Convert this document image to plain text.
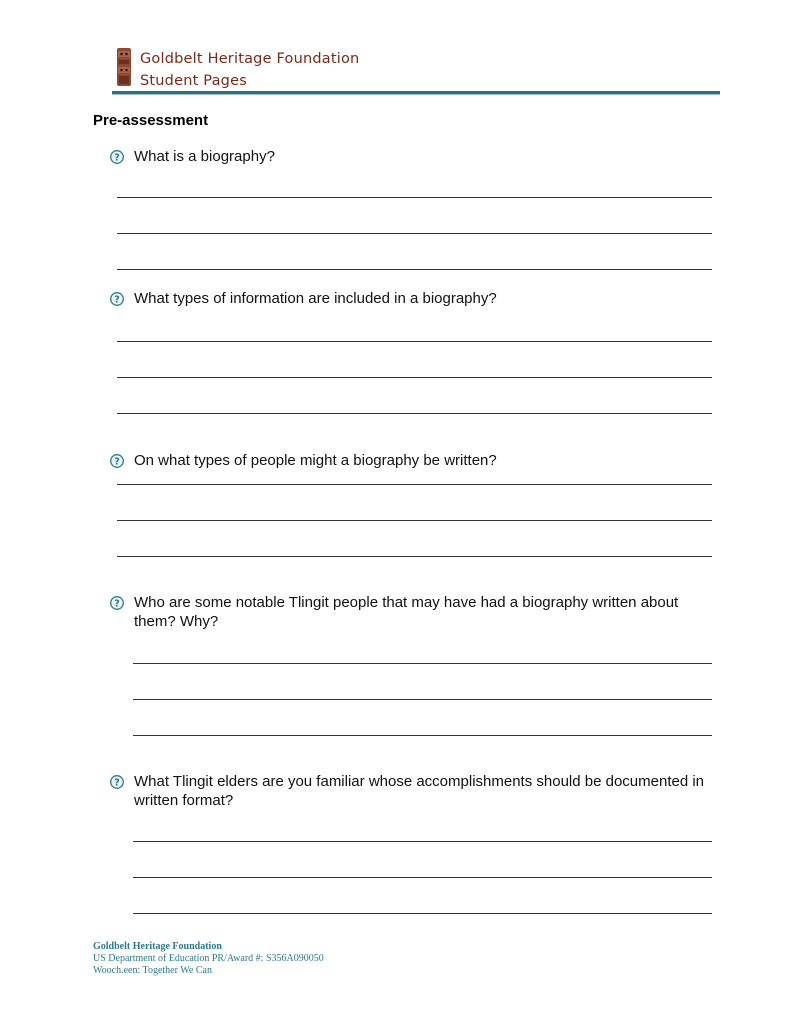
Goldbelt Heritage Foundation
Student Pages
Pre-assessment
? What is a biography?
? What types of information are included in a biography?
? On what types of people might a biography be written?
? Who are some notable Tlingit people that may have had a biography written about them? Why?
? What Tlingit elders are you familiar whose accomplishments should be documented in written format?
Goldbelt Heritage Foundation
US Department of Education PR/Award #: S356A090050
Wooch.een: Together We Can
